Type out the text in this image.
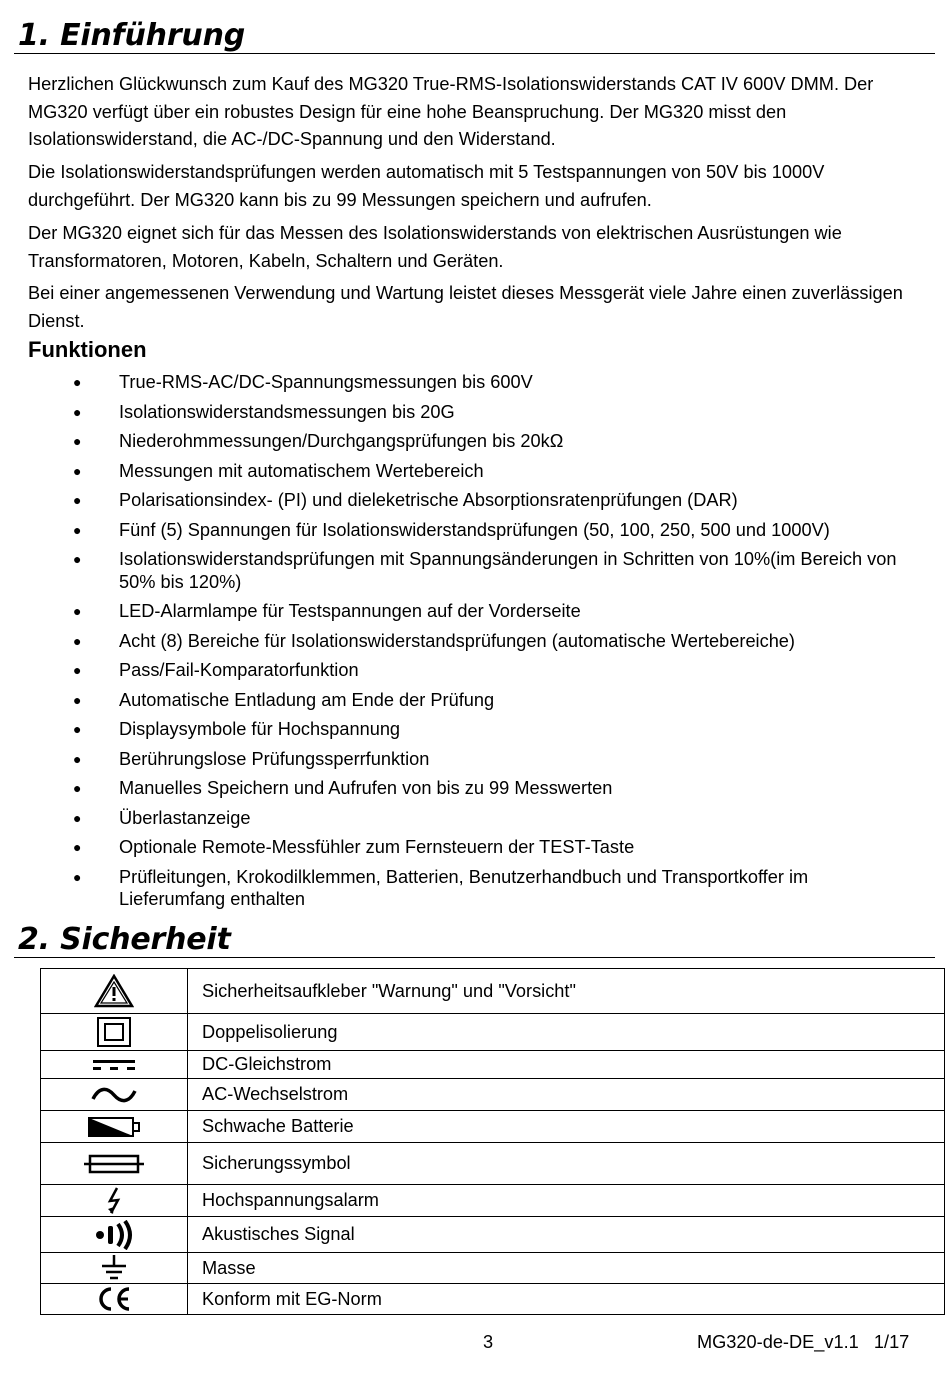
1. Einführung
Herzlichen Glückwunsch zum Kauf des MG320 True-RMS-Isolationswiderstands CAT IV 600V DMM. Der MG320 verfügt über ein robustes Design für eine hohe Beanspruchung. Der MG320 misst den Isolationswiderstand, die AC-/DC-Spannung und den Widerstand.
Die Isolationswiderstandsprüfungen werden automatisch mit 5 Testspannungen von 50V bis 1000V durchgeführt. Der MG320 kann bis zu 99 Messungen speichern und aufrufen.
Der MG320 eignet sich für das Messen des Isolationswiderstands von elektrischen Ausrüstungen wie Transformatoren, Motoren, Kabeln, Schaltern und Geräten.
Bei einer angemessenen Verwendung und Wartung leistet dieses Messgerät viele Jahre einen zuverlässigen Dienst.
Funktionen
● True-RMS-AC/DC-Spannungsmessungen bis 600V
● Isolationswiderstandsmessungen bis 20G
● Niederohmmessungen/Durchgangsprüfungen bis 20kΩ
● Messungen mit automatischem Wertebereich
● Polarisationsindex- (PI) und dieleketrische Absorptionsratenprüfungen (DAR)
● Fünf (5) Spannungen für Isolationswiderstandsprüfungen (50, 100, 250, 500 und 1000V)
● Isolationswiderstandsprüfungen mit Spannungsänderungen in Schritten von 10%(im Bereich von 50% bis 120%)
● LED-Alarmlampe für Testspannungen auf der Vorderseite
● Acht (8) Bereiche für Isolationswiderstandsprüfungen (automatische Wertebereiche)
● Pass/Fail-Komparatorfunktion
● Automatische Entladung am Ende der Prüfung
● Displaysymbole für Hochspannung
● Berührungslose Prüfungssperrfunktion
● Manuelles Speichern und Aufrufen von bis zu 99 Messwerten
● Überlastanzeige
● Optionale Remote-Messfühler zum Fernsteuern der TEST-Taste
● Prüfleitungen, Krokodilklemmen, Batterien, Benutzerhandbuch und Transportkoffer im Lieferumfang enthalten
2. Sicherheit
	Sicherheitsaufkleber "Warnung" und "Vorsicht"

	Doppelisolierung

	DC-Gleichstrom

	AC-Wechselstrom

	Schwache Batterie

	Sicherungssymbol

	Hochspannungsalarm

	Akustisches Signal

	Masse

	Konform mit EG-Norm
3	MG320-de-DE_v1.1   1/17
